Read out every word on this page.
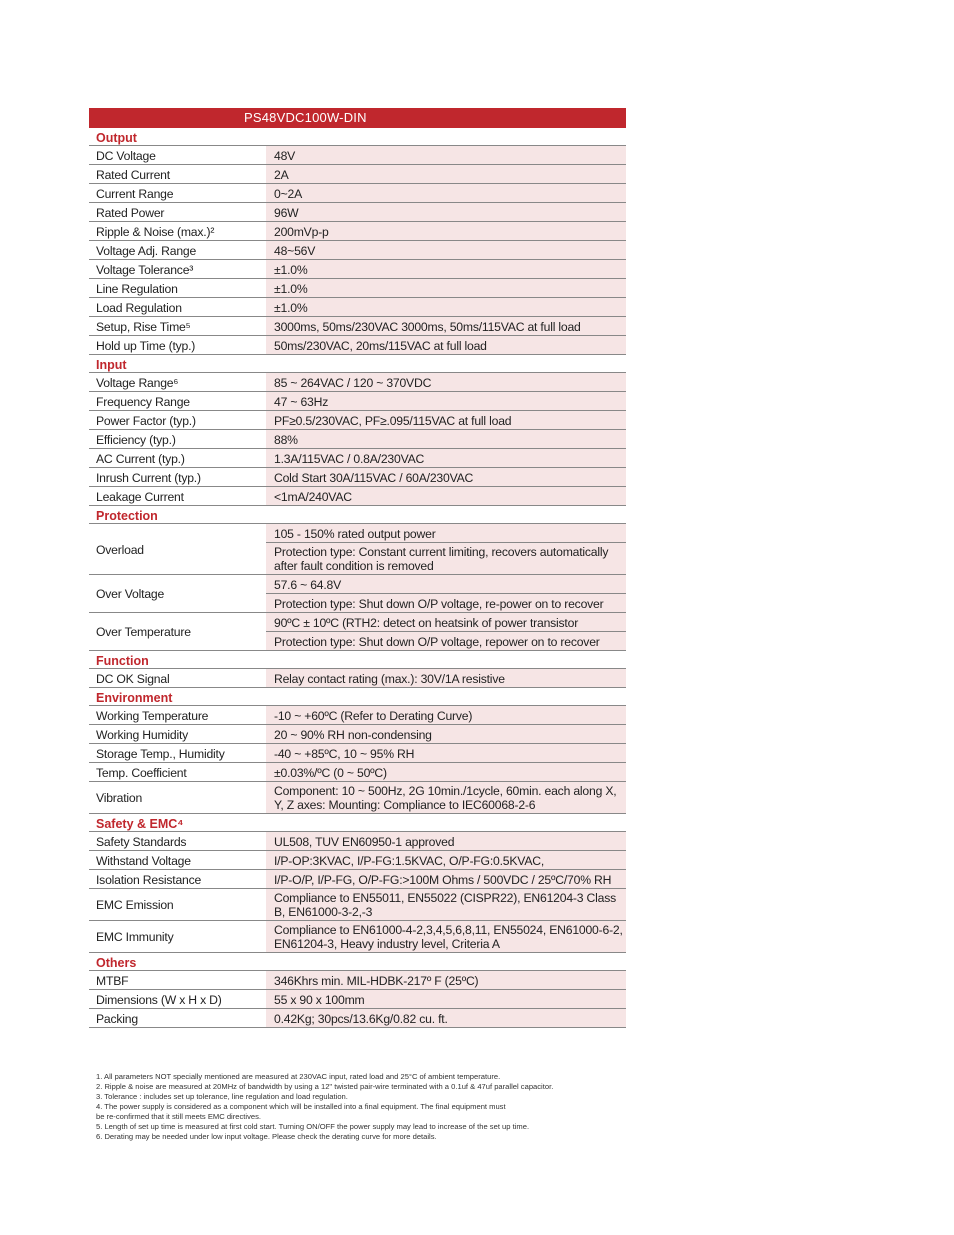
PS48VDC100W-DIN
Output
DC Voltage	48V
Rated Current	2A
Current Range	0~2A
Rated Power	96W
Ripple & Noise (max.)²	200mVp-p
Voltage Adj. Range	48~56V
Voltage Tolerance³	±1.0%
Line Regulation	±1.0%
Load Regulation	±1.0%
Setup, Rise Time⁵	3000ms, 50ms/230VAC 3000ms, 50ms/115VAC at full load
Hold up Time (typ.)	50ms/230VAC, 20ms/115VAC at full load
Input
Voltage Range⁶	85 ~ 264VAC / 120 ~ 370VDC
Frequency Range	47 ~ 63Hz
Power Factor (typ.)	PF≥0.5/230VAC, PF≥.095/115VAC at full load
Efficiency (typ.)	88%
AC Current (typ.)	1.3A/115VAC / 0.8A/230VAC
Inrush Current (typ.)	Cold Start 30A/115VAC / 60A/230VAC
Leakage Current	<1mA/240VAC
Protection
Overload	105 - 150% rated output power
	Protection type: Constant current limiting, recovers automatically after fault condition is removed
Over Voltage	57.6 ~ 64.8V
	Protection type: Shut down O/P voltage, re-power on to recover
Over Temperature	90ºC ± 10ºC (RTH2: detect on heatsink of power transistor
	Protection type: Shut down O/P voltage, repower on to recover
Function
DC OK Signal	Relay contact rating (max.): 30V/1A resistive
Environment
Working Temperature	-10 ~ +60ºC (Refer to Derating Curve)
Working Humidity	20 ~ 90% RH non-condensing
Storage Temp., Humidity	-40 ~ +85ºC, 10 ~ 95% RH
Temp. Coefficient	±0.03%/ºC (0 ~ 50ºC)
Vibration	Component: 10 ~ 500Hz, 2G 10min./1cycle, 60min. each along X, Y, Z axes: Mounting: Compliance to IEC60068-2-6
Safety & EMC⁴
Safety Standards	UL508, TUV EN60950-1 approved
Withstand Voltage	I/P-OP:3KVAC, I/P-FG:1.5KVAC, O/P-FG:0.5KVAC,
Isolation Resistance	I/P-O/P, I/P-FG, O/P-FG:>100M Ohms / 500VDC / 25ºC/70% RH
EMC Emission	Compliance to EN55011, EN55022 (CISPR22), EN61204-3 Class B, EN61000-3-2,-3
EMC Immunity	Compliance to EN61000-4-2,3,4,5,6,8,11, EN55024, EN61000-6-2, EN61204-3, Heavy industry level, Criteria A
Others
MTBF	346Khrs min. MIL-HDBK-217º F (25ºC)
Dimensions (W x H x D)	55 x 90 x 100mm
Packing	0.42Kg; 30pcs/13.6Kg/0.82 cu. ft.
1. All parameters NOT specially mentioned are measured at 230VAC input, rated load and 25°C of ambient temperature.
2. Ripple & noise are measured at 20MHz of bandwidth by using a 12" twisted pair-wire terminated with a 0.1uf & 47uf parallel capacitor.
3. Tolerance : includes set up tolerance, line regulation and load regulation.
4. The power supply is considered as a component which will be installed into a final equipment. The final equipment must
be re-confirmed that it still meets EMC directives.
5. Length of set up time is measured at first cold start. Turning ON/OFF the power supply may lead to increase of the set up time.
6. Derating may be needed under low input voltage. Please check the derating curve for more details.
